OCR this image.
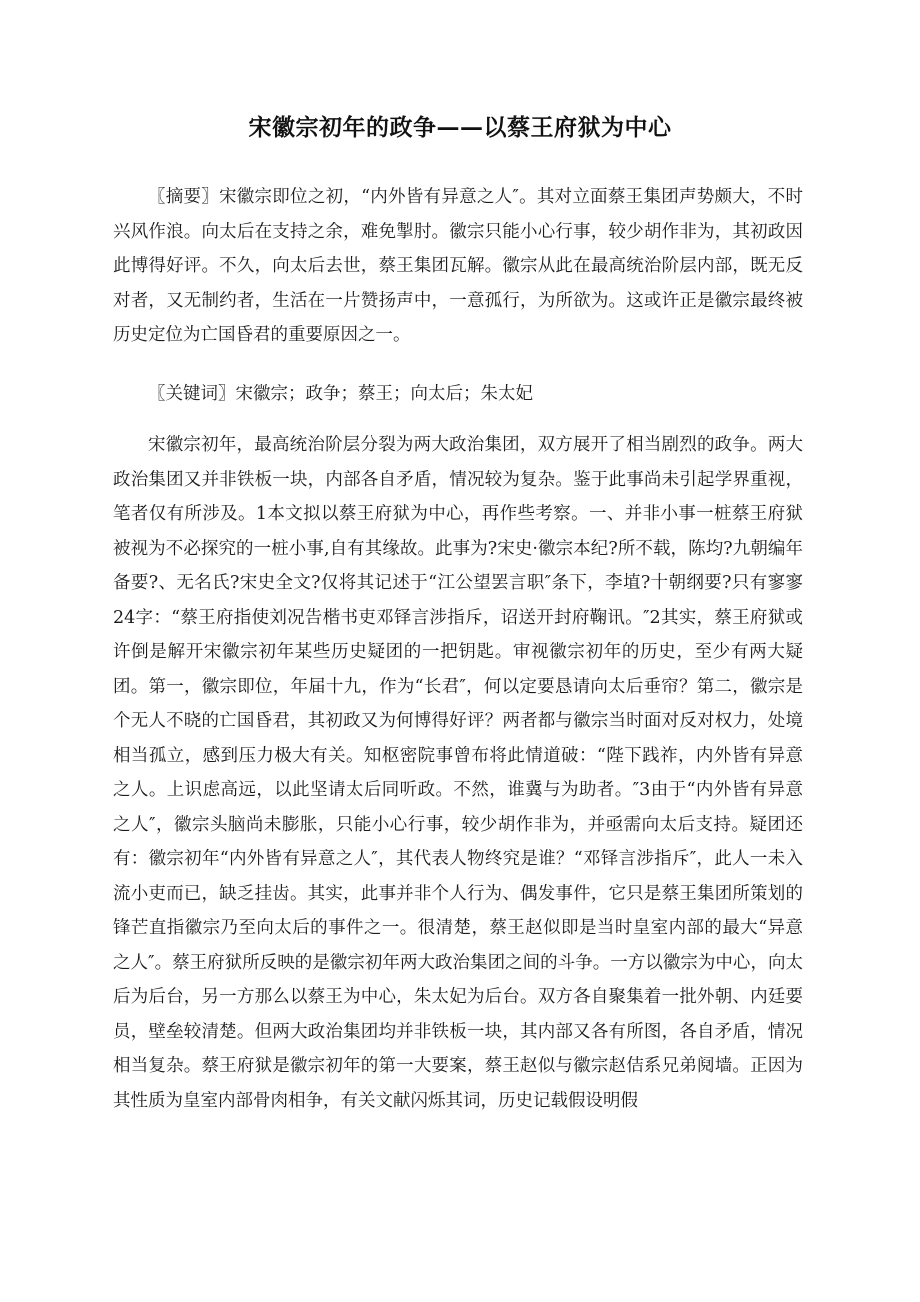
宋徽宗初年的政争——以蔡王府狱为中心

〖摘要〗宋徽宗即位之初，“内外皆有异意之人″。其对立面蔡王集团声势颇大，不时兴风作浪。向太后在支持之余，难免掣肘。徽宗只能小心行事，较少胡作非为，其初政因此博得好评。不久，向太后去世，蔡王集团瓦解。徽宗从此在最高统治阶层内部，既无反对者，又无制约者，生活在一片赞扬声中，一意孤行，为所欲为。这或许正是徽宗最终被历史定位为亡国昏君的重要原因之一。

〖关键词〗宋徽宗；政争；蔡王；向太后；朱太妃

宋徽宗初年，最高统治阶层分裂为两大政治集团，双方展开了相当剧烈的政争。两大政治集团又并非铁板一块，内部各自矛盾，情况较为复杂。鉴于此事尚未引起学界重视，笔者仅有所涉及。1本文拟以蔡王府狱为中心，再作些考察。一、并非小事一桩蔡王府狱被视为不必探究的一桩小事,自有其缘故。此事为?宋史·徽宗本纪?所不载，陈均?九朝编年备要?、无名氏?宋史全文?仅将其记述于“江公望罢言职″条下，李埴?十朝纲要?只有寥寥24字：“蔡王府指使刘况告楷书吏邓铎言涉指斥，诏送开封府鞠讯。″2其实，蔡王府狱或许倒是解开宋徽宗初年某些历史疑团的一把钥匙。审视徽宗初年的历史，至少有两大疑团。第一，徽宗即位，年届十九，作为“长君″，何以定要恳请向太后垂帘？第二，徽宗是个无人不晓的亡国昏君，其初政又为何博得好评？两者都与徽宗当时面对反对权力，处境相当孤立，感到压力极大有关。知枢密院事曾布将此情道破：“陛下践祚，内外皆有异意之人。上识虑高远，以此坚请太后同听政。不然，谁冀与为助者。″3由于“内外皆有异意之人″，徽宗头脑尚未膨胀，只能小心行事，较少胡作非为，并亟需向太后支持。疑团还有：徽宗初年“内外皆有异意之人″，其代表人物终究是谁？“邓铎言涉指斥″，此人一未入流小吏而已，缺乏挂齿。其实，此事并非个人行为、偶发事件，它只是蔡王集团所策划的锋芒直指徽宗乃至向太后的事件之一。很清楚，蔡王赵似即是当时皇室内部的最大“异意之人″。蔡王府狱所反映的是徽宗初年两大政治集团之间的斗争。一方以徽宗为中心，向太后为后台，另一方那么以蔡王为中心，朱太妃为后台。双方各自聚集着一批外朝、内廷要员，壁垒较清楚。但两大政治集团均并非铁板一块，其内部又各有所图，各自矛盾，情况相当复杂。蔡王府狱是徽宗初年的第一大要案，蔡王赵似与徽宗赵佶系兄弟阋墙。正因为其性质为皇室内部骨肉相争，有关文献闪烁其词，历史记载假设明假
